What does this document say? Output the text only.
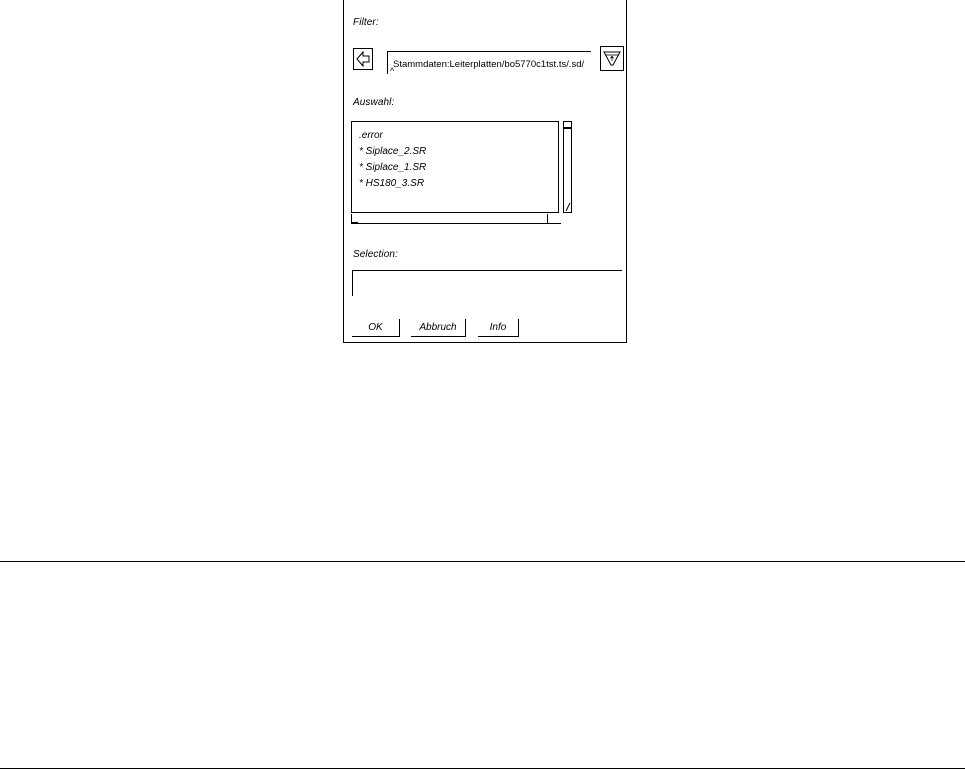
Filter:
Stammdaten:Leiterplatten/bo5770c1tst.ts/.sd/
^
Auswahl:
.error
* Siplace_2.SR
* Siplace_1.SR
* HS180_3.SR
Selection:
OK	Abbruch	Info
